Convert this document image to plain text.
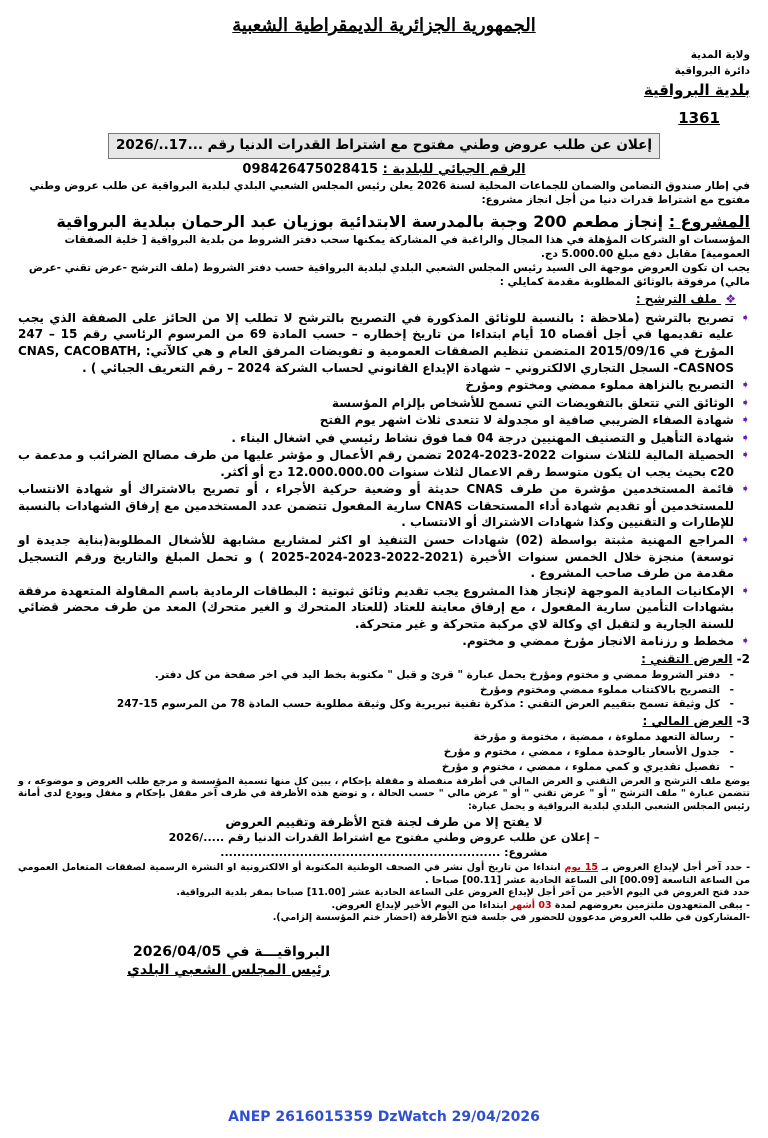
الجمهورية الجزائرية الديمقراطية الشعبية
ولاية المدية
دائرة البرواقية
بلدية البرواقية
1361
إعلان عن طلب عروض وطني مفتوح مع اشتراط القدرات الدنيا رقم ...17../2026
الرقم الجبائي للبلدية : 098426475028415

في إطار صندوق التضامن والضمان للجماعات المحلية لسنة 2026 يعلن رئيس المجلس الشعبي البلدي لبلدية البرواقية عن طلب عروض وطني مفتوح مع اشتراط قدرات دنيا من أجل انجاز مشروع:

المشروع : إنجاز مطعم 200 وجبة بالمدرسة الابتدائية بوزيان عبد الرحمان ببلدية البرواقية

المؤسسات او الشركات المؤهلة في هذا المجال والراغبة في المشاركة يمكنها سحب دفتر الشروط من بلدية البرواقية [ خلية الصفقات العمومية] مقابل دفع مبلغ 5.000.00 دج.

يجب ان تكون العروض موجهة الى السيد رئيس المجلس الشعبي البلدي لبلدية البرواقية حسب دفتر الشروط (ملف الترشح -عرض تقني -عرض مالي) مرفوقة بالوثائق المطلوبة مقدمة كمايلي :

❖ ملف الترشح :
➧ تصريح بالترشح (ملاحظة : بالنسبة للوثائق المذكورة في التصريح بالترشح لا تطلب إلا من الحائز على الصفقة الذي يجب عليه تقديمها في أجل أقصاه 10 أيام ابتداءا من تاريخ إخطاره – حسب المادة 69 من المرسوم الرئاسي رقم 15 – 247 المؤرخ في 2015/09/16 المتضمن تنظيم الصفقات العمومية و تفويضات المرفق العام و هي كالآتي: CNAS, CACOBATH, CASNOS- السجل التجاري الالكتروني – شهادة الإيداع القانوني لحساب الشركة 2024 – رقم التعريف الجبائي ) .
➧ التصريح بالنزاهة مملوء ممضي ومختوم ومؤرخ
➧ الوثائق التي تتعلق بالتفويضات التي تسمح للأشخاص بإلزام المؤسسة
➧ شهادة الصفاء الضريبي صافية او مجدولة لا تتعدى ثلاث اشهر يوم الفتح
➧ شهادة التأهيل و التصنيف المهنيين درجة 04 فما فوق نشاط رئيسي في اشغال البناء .
➧ الحصيلة المالية للثلاث سنوات 2022-2023-2024 تضمن رقم الأعمال و مؤشر عليها من طرف مصالح الضرائب و مدعمة ب c20 بحيث يجب ان يكون متوسط رقم الاعمال لثلاث سنوات 12.000.000.00 دج أو أكثر.
➧ قائمة المستخدمين مؤشرة من طرف CNAS حديثة أو وضعية حركية الأجراء ، أو تصريح بالاشتراك أو شهادة الانتساب للمستخدمين أو تقديم شهادة أداء المستحقات CNAS سارية المفعول تتضمن عدد المستخدمين مع إرفاق الشهادات بالنسبة للإطارات و التقنيين وكذا شهادات الاشتراك أو الانتساب .
➧ المراجع المهنية مثبتة بواسطة (02) شهادات حسن التنفيذ او اكثر لمشاريع مشابهة للأشغال المطلوبة(بناية جديدة او توسعة) منجزة خلال الخمس سنوات الأخيرة (2021-2022-2023-2024-2025 ) و تحمل المبلغ والتاريخ ورقم التسجيل مقدمة من طرف صاحب المشروع .
➧ الإمكانيات المادية الموجهة لإنجاز هذا المشروع يجب تقديم وثائق ثبوتية : البطاقات الرمادية باسم المقاولة المتعهدة مرفقة بشهادات التأمين سارية المفعول ، مع إرفاق معاينة للعتاد (للعتاد المتحرك و الغير متحرك) المعد من طرف محضر قضائي للسنة الجارية و لتقبل اي وكالة لاي مركبة متحركة و غير متحركة.
➧ مخطط و رزنامة الانجاز مؤرخ ممضي و مختوم.
2- العرض التقني :
- دفتر الشروط ممضي و مختوم ومؤرخ يحمل عبارة " قرئ و قبل " مكتوبة بخط اليد في اخر صفحة من كل دفتر.
- التصريح بالاكتتاب مملوء ممضي ومختوم ومؤرخ
- كل وثيقة تسمح بتقييم العرض التقني : مذكرة تقنية تبريرية وكل وثيقة مطلوبة حسب المادة 78 من المرسوم 15-247
3- العرض المالي :
- رسالة التعهد مملوءة ، ممضية ، مختومة و مؤرخة
- جدول الأسعار بالوحدة مملوء ، ممضي ، مختوم و مؤرخ
- تفصيل تقديري و كمي مملوء ، ممضي ، مختوم و مؤرخ

يوضع ملف الترشح و العرض التقني و العرض المالي في أظرفة منفصلة و مقفلة بإحكام ، يبين كل منها تسمية المؤسسة و مرجع طلب العروض و موضوعه ، و تتضمن عبارة " ملف الترشح " أو " عرض تقني " أو " عرض مالي " حسب الحالة ، و توضع هذه الأظرفة في ظرف آخر مقفل بإحكام و مغفل ويودع لدى أمانة رئيس المجلس الشعبي البلدي لبلدية البرواقية و يحمل عبارة:

لا يفتح إلا من طرف لجنة فتح الأظرفة وتقييم العروض

– إعلان عن طلب عروض وطني مفتوح مع اشتراط القدرات الدنيا رقم ...../2026

مشروع: ...................................................................

- حدد آخر أجل لإيداع العروض بـ 15 يوم ابتداءا من تاريخ أول نشر في الصحف الوطنية المكتوبة أو الالكترونية او النشرة الرسمية لصفقات المتعامل العمومي من الساعة التاسعة [00.09] الى الساعة الحادية عشر [00.11] صباحا .

حدد فتح العروض في اليوم الأخير من آخر أجل لإيداع العروض على الساعة الحادية عشر [11.00] صباحا بمقر بلدية البرواقية.

- يبقى المتعهدون ملتزمين بعروضهم لمدة 03 أشهر ابتداءا من اليوم الأخير لإيداع العروض.

-المشاركون في طلب العروض مدعوون للحضور في جلسة فتح الأظرفة (احضار ختم المؤسسة إلزامي).

البرواقيـــة في 2026/04/05
رئيس المجلس الشعبي البلدي
ANEP 2616015359 DzWatch 29/04/2026
